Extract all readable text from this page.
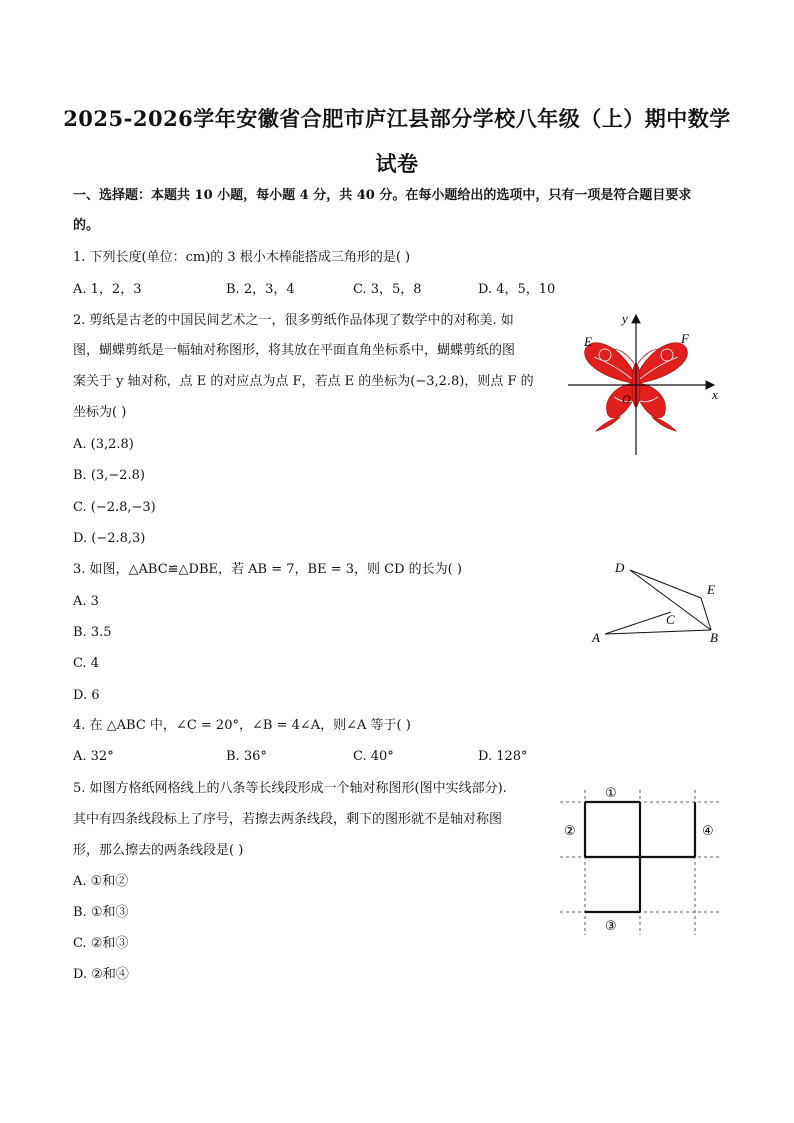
2025-2026学年安徽省合肥市庐江县部分学校八年级（上）期中数学
试卷
一、选择题：本题共 10 小题，每小题 4 分，共 40 分。在每小题给出的选项中，只有一项是符合题目要求
的。
1. 下列长度(单位：cm)的 3 根小木棒能搭成三角形的是( )
A. 1，2，3	B. 2，3，4	C. 3，5，8	D. 4，5，10
2. 剪纸是古老的中国民间艺术之一，很多剪纸作品体现了数学中的对称美. 如
图，蝴蝶剪纸是一幅轴对称图形，将其放在平面直角坐标系中，蝴蝶剪纸的图
案关于 y 轴对称，点 E 的对应点为点 F，若点 E 的坐标为(−3,2.8)，则点 F 的
坐标为( )
A. (3,2.8)
B. (3,−2.8)
C. (−2.8,−3)
D. (−2.8,3)
y
x
E	F
O
3. 如图，△ABC≌△DBE，若 AB = 7，BE = 3，则 CD 的长为( )
A. 3
B. 3.5
C. 4
D. 6
D
E
C
A	B
4. 在 △ABC 中，∠C = 20°，∠B = 4∠A，则∠A 等于( )
A. 32°	B. 36°	C. 40°	D. 128°
5. 如图方格纸网格线上的八条等长线段形成一个轴对称图形(图中实线部分).
其中有四条线段标上了序号，若擦去两条线段，剩下的图形就不是轴对称图
形，那么擦去的两条线段是( )
A. ①和②
B. ①和③
C. ②和③
D. ②和④
①
②	④
③
